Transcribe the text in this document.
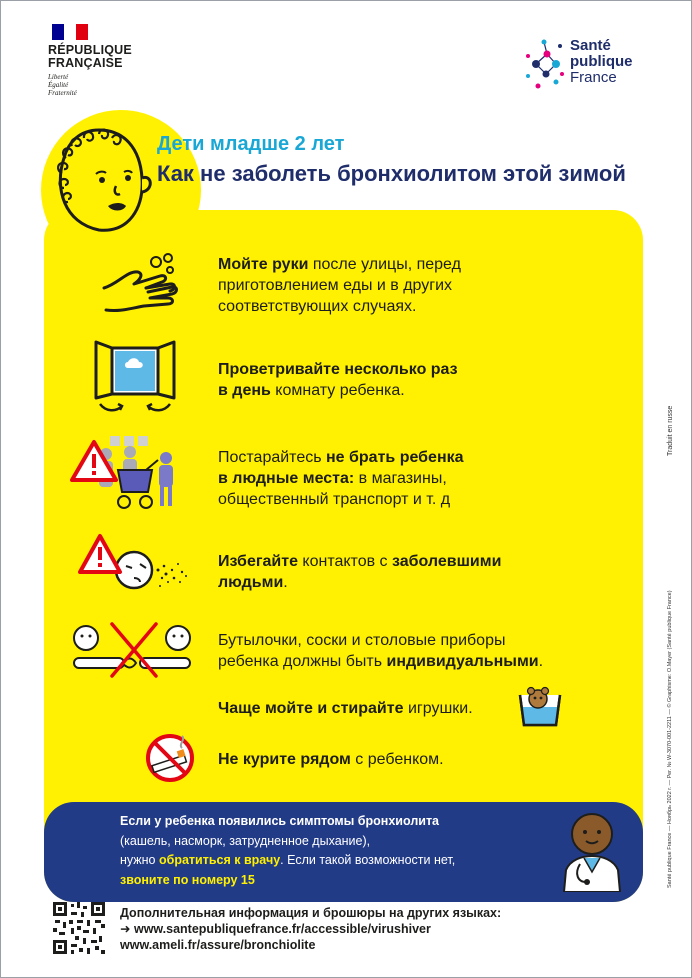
RÉPUBLIQUE
FRANÇAISE
Liberté
Égalité
Fraternité
Santé
publique
France
Дети младше 2 лет
Как не заболеть бронхиолитом этой зимой
Мойте руки после улицы, перед
приготовлением еды и в других
соответствующих случаях.
Проветривайте несколько раз
в день комнату ребенка.
Постарайтесь не брать ребенка
в людные места: в магазины,
общественный транспорт и т. д
Избегайте контактов с заболевшими
людьми.
Бутылочки, соски и столовые приборы
ребенка должны быть индивидуальными.
Чаще мойте и стирайте игрушки.
Не курите рядом с ребенком.
Traduit en russe
Santé publique France — Ноябрь 2022 г. — Рег. № W-3070-001-2211 — © Graphisme: O.Mayer (Santé publique France)
Если у ребенка появились симптомы бронхиолита
(кашель, насморк, затрудненное дыхание),
нужно обратиться к врачу. Если такой возможности нет,
звоните по номеру 15
Дополнительная информация и брошюры на других языках:
➜ www.santepubliquefrance.fr/accessible/virushiver
www.ameli.fr/assure/bronchiolite
